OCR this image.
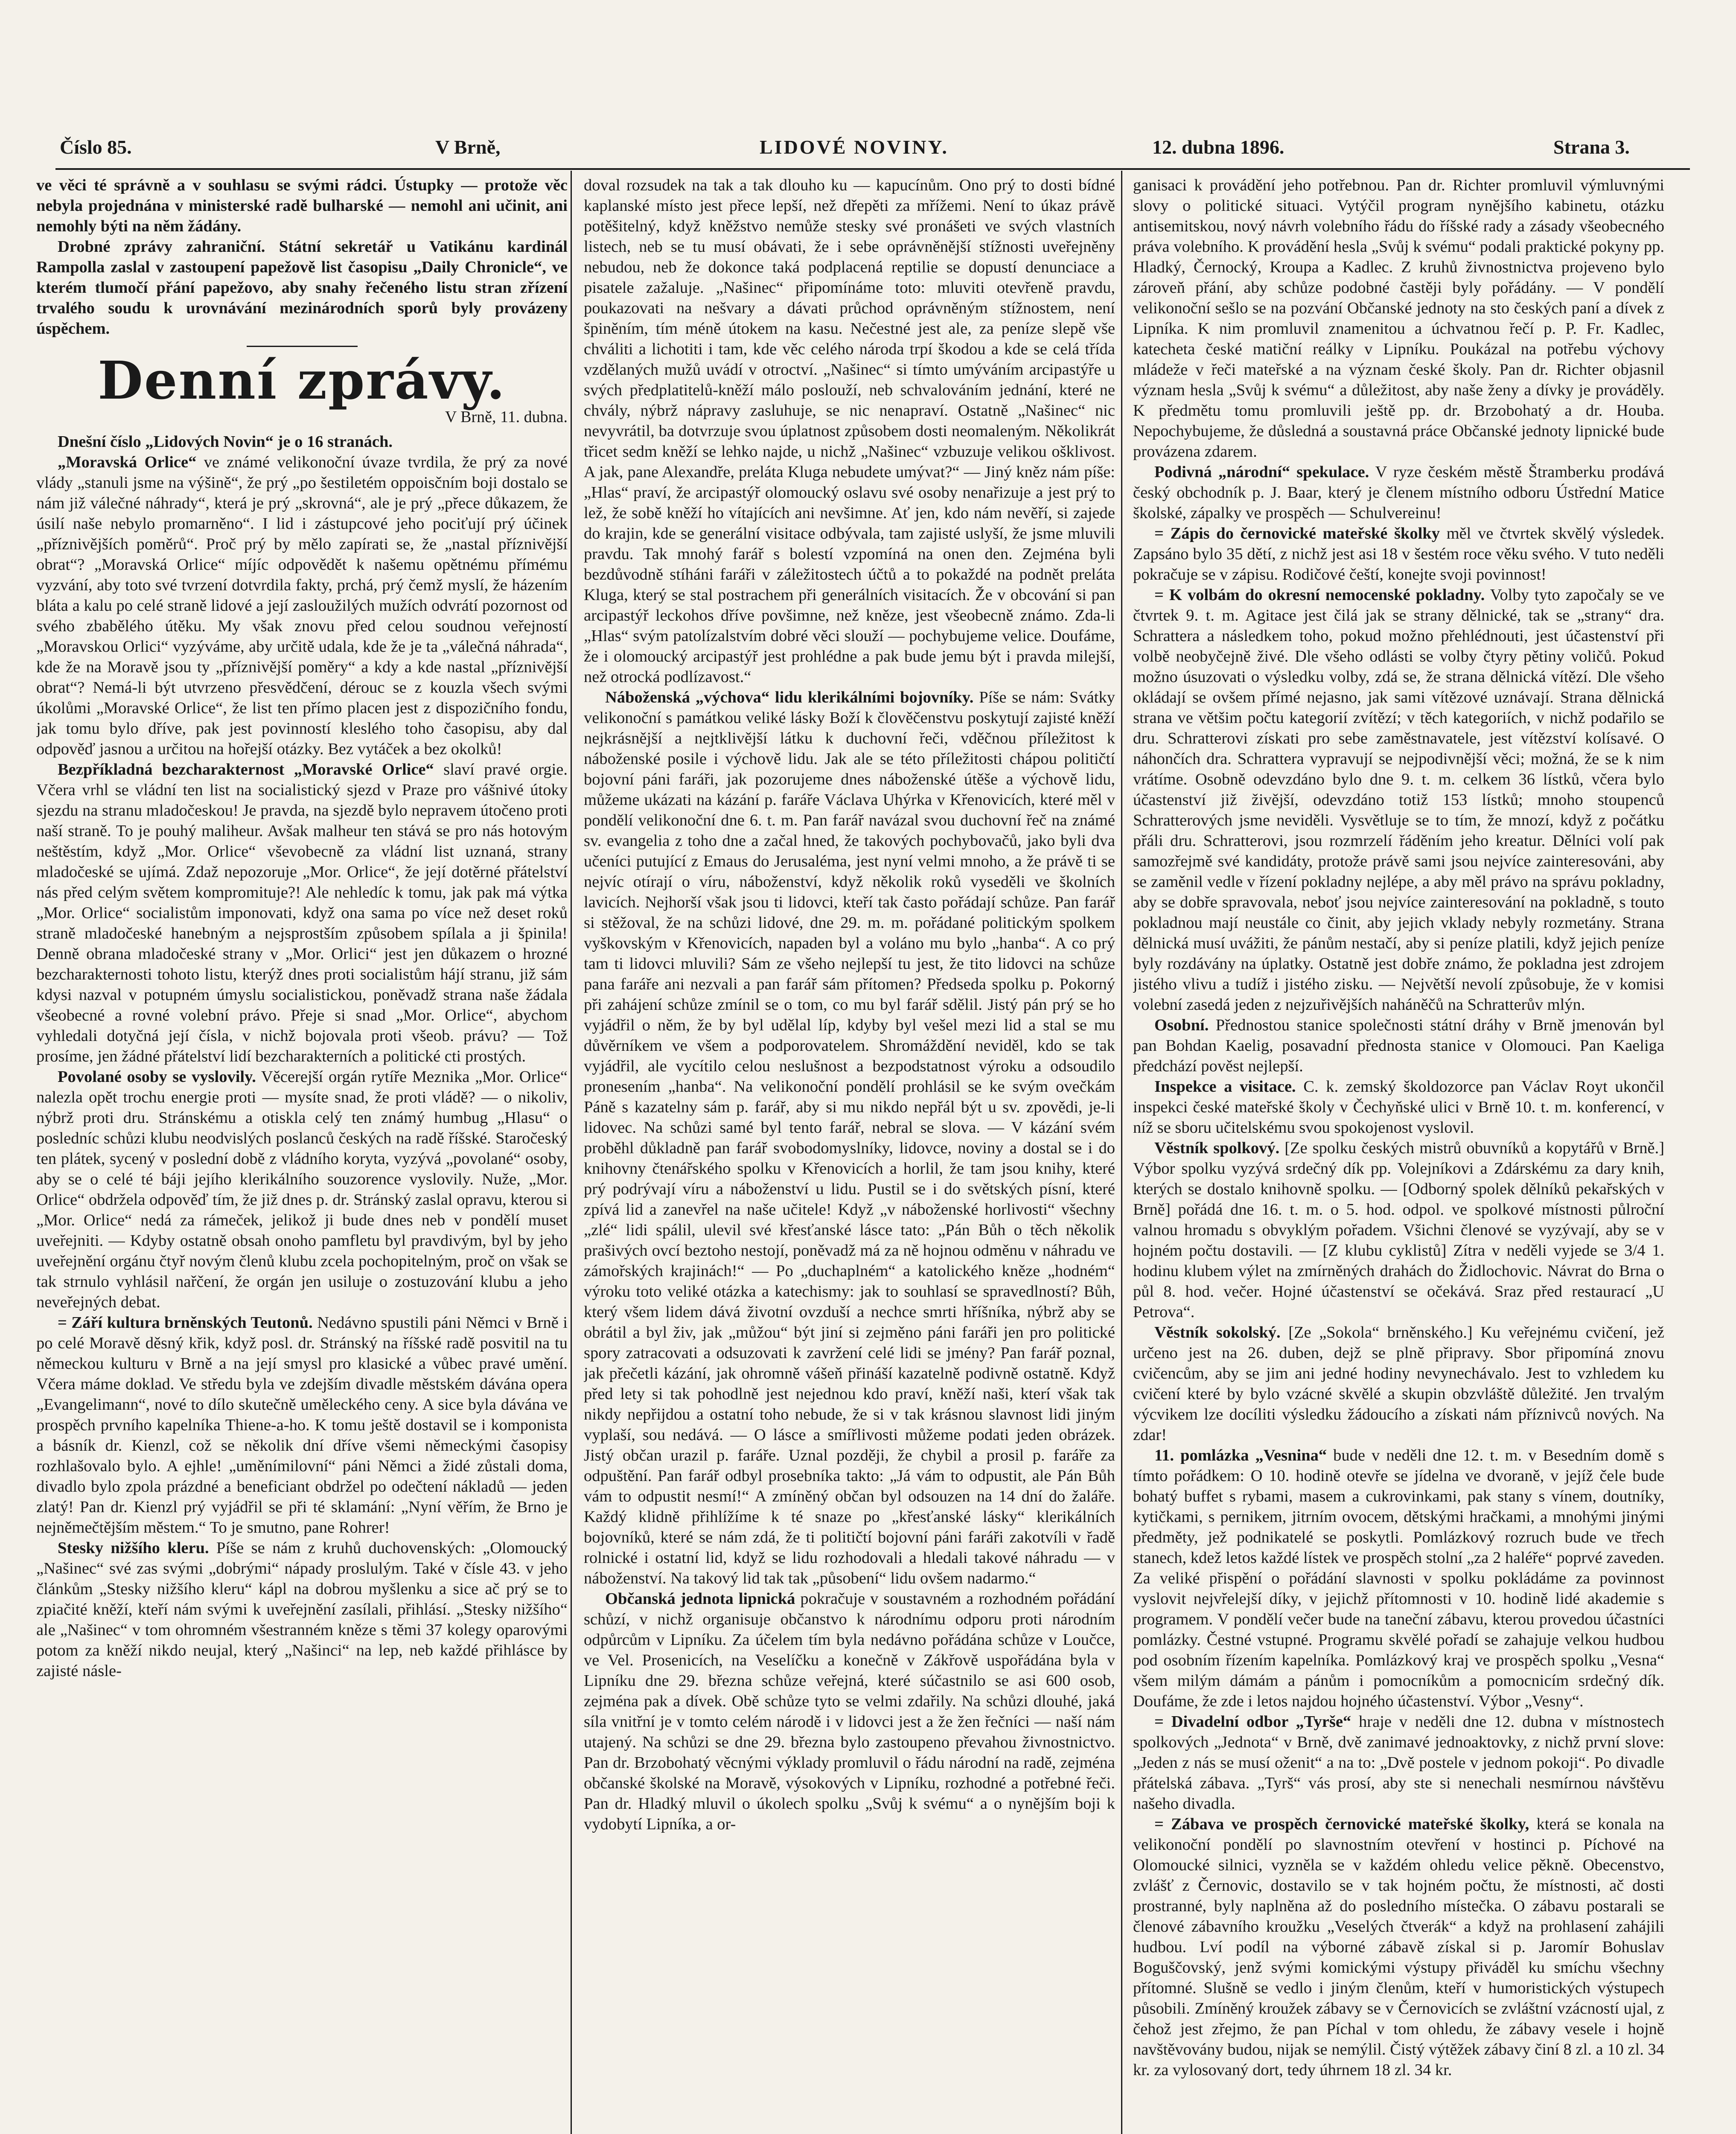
Číslo 85.	V Brně,	LIDOVÉ NOVINY.	12. dubna 1896.	Strana 3.

ve věci té správně a v souhlasu se svými rádci. Ústupky — protože věc nebyla projednána v ministerské radě bulharské — nemohl ani učinit, ani nemohly býti na něm žádány.

Drobné zprávy zahraniční. Státní sekretář u Vatikánu kardinál Rampolla zaslal v zastoupení papežově list časopisu „Daily Chronicle“, ve kterém tlumočí přání papežovo, aby snahy řečeného listu stran zřízení trvalého soudu k urovnávání mezinárodních sporů byly provázeny úspěchem.

Denní zprávy.
V Brně, 11. dubna.

Dnešní číslo „Lidových Novin“ je o 16 stranách.

„Moravská Orlice“ ve známé velikonoční úvaze tvrdila, že prý za nové vlády „stanuli jsme na výšině“, že prý „po šestiletém oppoisčním boji dostalo se nám již válečné náhrady“, která je prý „skrovná“, ale je prý „přece důkazem, že úsilí naše nebylo promarněno“. I lid i zástupcové jeho pociťují prý účinek „příznivějších poměrů“. Proč prý by mělo zapírati se, že „nastal příznivější obrat“? „Moravská Orlice“ míjíc odpovědět k našemu opětnému přímému vyzvání, aby toto své tvrzení dotvrdila fakty, prchá, prý čemž myslí, že házením bláta a kalu po celé straně lidové a její zasloužilých mužích odvrátí pozornost od svého zbabělého útěku. My však znovu před celou soudnou veřejností „Moravskou Orlici“ vyzýváme, aby určitě udala, kde že je ta „válečná náhrada“, kde že na Moravě jsou ty „příznivější poměry“ a kdy a kde nastal „příznivější obrat“? Nemá-li být utvrzeno přesvědčení, dérouc se z kouzla všech svými úkolůmi „Moravské Orlice“, že list ten přímo placen jest z dispozičního fondu, jak tomu bylo dříve, pak jest povinností kleslého toho časopisu, aby dal odpověď jasnou a určitou na hořejší otázky. Bez vytáček a bez okolků!

Bezpříkladná bezcharakternost „Moravské Orlice“ slaví pravé orgie. Včera vrhl se vládní ten list na socialistický sjezd v Praze pro vášnivé útoky sjezdu na stranu mladočeskou! Je pravda, na sjezdě bylo nepravem útočeno proti naší straně. To je pouhý maliheur. Avšak malheur ten stává se pro nás hotovým neštěstím, když „Mor. Orlice“ vševobecně za vládní list uznaná, strany mladočeské se ujímá. Zdaž nepozoruje „Mor. Orlice“, že její dotěrné přátelství nás před celým světem kompromituje?! Ale nehledíc k tomu, jak pak má výtka „Mor. Orlice“ socialistům imponovati, když ona sama po více než deset roků straně mladočeské hanebným a nejsprostším způsobem spílala a ji špinila! Denně obrana mladočeské strany v „Mor. Orlici“ jest jen důkazem o hrozné bezcharakternosti tohoto listu, kterýž dnes proti socialistům hájí stranu, již sám kdysi nazval v potupném úmyslu socialistickou, poněvadž strana naše žádala všeobecné a rovné volební právo. Přeje si snad „Mor. Orlice“, abychom vyhledali dotyčná její čísla, v nichž bojovala proti všeob. právu? — Tož prosíme, jen žádné přátelství lidí bezcharakterních a politické cti prostých.

Povolané osoby se vyslovily. Věcerejší orgán rytíře Meznika „Mor. Orlice“ nalezla opět trochu energie proti — mysíte snad, že proti vládě? — o nikoliv, nýbrž proti dru. Stránskému a otiskla celý ten známý humbug „Hlasu“ o posledníc schůzi klubu neodvislých poslanců českých na radě říšské. Staročeský ten plátek, sycený v poslední době z vládního koryta, vyzývá „povolané“ osoby, aby se o celé té báji jejího klerikálního souzorence vyslovily. Nuže, „Mor. Orlice“ obdržela odpověď tím, že již dnes p. dr. Stránský zaslal opravu, kterou si „Mor. Orlice“ nedá za rámeček, jelikož ji bude dnes neb v pondělí muset uveřejniti. — Kdyby ostatně obsah onoho pamfletu byl pravdivým, byl by jeho uveřejnění orgánu čtyř novým členů klubu zcela pochopitelným, proč on však se tak strnulo vyhlásil nařčení, že orgán jen usiluje o zostuzování klubu a jeho neveřejných debat.

= Září kultura brněnských Teutonů. Nedávno spustili páni Němci v Brně i po celé Moravě děsný křik, když posl. dr. Stránský na říšské radě posvitil na tu německou kulturu v Brně a na její smysl pro klasické a vůbec pravé umění. Včera máme doklad. Ve středu byla ve zdejším divadle městském dávána opera „Evangelimann“, nové to dílo skutečně uměleckého ceny. A sice byla dávána ve prospěch prvního kapelníka Thiene-a-ho. K tomu ještě dostavil se i komponista a básník dr. Kienzl, což se několik dní dříve všemi německými časopisy rozhlašovalo bylo. A ejhle! „uměnímilovní“ páni Němci a židé zůstali doma, divadlo bylo zpola prázdné a beneficiant obdržel po odečtení nákladů — jeden zlatý! Pan dr. Kienzl prý vyjádřil se při té sklamání: „Nyní věřím, že Brno je nejněmečtějším městem.“ To je smutno, pane Rohrer!

Stesky nižšího kleru. Píše se nám z kruhů duchovenských: „Olomoucký „Našinec“ své zas svými „dobrými“ nápady proslulým. Také v čísle 43. v jeho článkům „Stesky nižšího kleru“ kápl na dobrou myšlenku a sice ač prý se to zpiačité kněží, kteří nám svými k uveřejnění zasílali, přihlásí. „Stesky nižšího“ ale „Našinec“ v tom ohromném všestranném kněze s těmi 37 kolegy oparovými potom za kněží nikdo neujal, který „Našinci“ na lep, neb každé přihlásce by zajisté násle-

doval rozsudek na tak a tak dlouho ku — kapucínům. Ono prý to dosti bídné kaplanské místo jest přece lepší, než dřepěti za mřížemi. Není to úkaz právě potěšitelný, když kněžstvo nemůže stesky své pronášeti ve svých vlastních listech, neb se tu musí obávati, že i sebe oprávněnější stížnosti uveřejněny nebudou, neb že dokonce taká podplacená reptilie se dopustí denunciace a pisatele zažaluje. „Našinec“ připomínáme toto: mluviti otevřeně pravdu, poukazovati na nešvary a dávati průchod oprávněným stížnostem, není špiněním, tím méně útokem na kasu. Nečestné jest ale, za peníze slepě vše chváliti a lichotiti i tam, kde věc celého národa trpí škodou a kde se celá třída vzdělaných mužů uvádí v otroctví. „Našinec“ si tímto umýváním arcipastýře u svých předplatitelů-kněží málo poslouží, neb schvalováním jednání, které ne chvály, nýbrž nápravy zasluhuje, se nic nenapraví. Ostatně „Našinec“ nic nevyvrátil, ba dotvrzuje svou úplatnost způsobem dosti neomaleným. Několikrát třicet sedm kněží se lehko najde, u nichž „Našinec“ vzbuzuje velikou ošklivost. A jak, pane Alexandře, preláta Kluga nebudete umývat?“ — Jiný kněz nám píše: „Hlas“ praví, že arcipastýř olomoucký oslavu své osoby nenařizuje a jest prý to lež, že sobě kněží ho vítajících ani nevšimne. Ať jen, kdo nám nevěří, si zajede do krajin, kde se generální visitace odbývala, tam zajisté uslyší, že jsme mluvili pravdu. Tak mnohý farář s bolestí vzpomíná na onen den. Zejména byli bezdůvodně stíháni faráři v záležitostech účtů a to pokaždé na podnět preláta Kluga, který se stal postrachem při generálních visitacích. Že v obcování si pan arcipastýř leckohos dříve povšimne, než kněze, jest všeobecně známo. Zda-li „Hlas“ svým patolízalstvím dobré věci slouží — pochybujeme velice. Doufáme, že i olomoucký arcipastýř jest prohlédne a pak bude jemu být i pravda milejší, než otrocká podlízavost.“

Náboženská „výchova“ lidu klerikálními bojovníky. Píše se nám: Svátky velikonoční s památkou veliké lásky Boží k člověčenstvu poskytují zajisté kněží nejkrásnější a nejtklivější látku k duchovní řeči, vděčnou příležitost k náboženské posile i výchově lidu. Jak ale se této příležitosti chápou političtí bojovní páni faráři, jak pozorujeme dnes náboženské útěše a výchově lidu, můžeme ukázati na kázání p. faráře Václava Uhýrka v Křenovicích, které měl v pondělí velikonoční dne 6. t. m. Pan farář navázal svou duchovní řeč na známé sv. evangelia z toho dne a začal hned, že takových pochybovačů, jako byli dva učeníci putující z Emaus do Jerusaléma, jest nyní velmi mnoho, a že právě ti se nejvíc otírají o víru, náboženství, když několik roků vyseděli ve školních lavicích. Nejhorší však jsou ti lidovci, kteří tak často pořádají schůze. Pan farář si stěžoval, že na schůzi lidové, dne 29. m. m. pořádané politickým spolkem vyškovským v Křenovicích, napaden byl a voláno mu bylo „hanba“. A co prý tam ti lidovci mluvili? Sám ze všeho nejlepší tu jest, že tito lidovci na schůze pana faráře ani nezvali a pan farář sám přítomen? Předseda spolku p. Pokorný při zahájení schůze zmínil se o tom, co mu byl farář sdělil. Jistý pán prý se ho vyjádřil o něm, že by byl udělal líp, kdyby byl vešel mezi lid a stal se mu důvěrníkem ve všem a podporovatelem. Shromáždění neviděl, kdo se tak vyjádřil, ale vycítilo celou neslušnost a bezpodstatnost výroku a odsoudilo pronesením „hanba“. Na velikonoční pondělí prohlásil se ke svým ovečkám Páně s kazatelny sám p. farář, aby si mu nikdo nepřál být u sv. zpovědi, je-li lidovec. Na schůzi samé byl tento farář, nebral se slova. — V kázání svém proběhl důkladně pan farář svobodomyslníky, lidovce, noviny a dostal se i do knihovny čtenářského spolku v Křenovicích a horlil, že tam jsou knihy, které prý podrývají víru a náboženství u lidu. Pustil se i do světských písní, které zpívá lid a zanevřel na naše učitele! Když „v náboženské horlivosti“ všechny „zlé“ lidi spálil, ulevil své křesťanské lásce tato: „Pán Bůh o těch několik prašivých ovcí beztoho nestojí, poněvadž má za ně hojnou odměnu v náhradu ve zámořských krajinách!“ — Po „duchaplném“ a katolického kněze „hodném“ výroku toto veliké otázka a katechismy: jak to souhlasí se spravedlností? Bůh, který všem lidem dává životní ovzduší a nechce smrti hříšníka, nýbrž aby se obrátil a byl živ, jak „můžou“ být jiní si zejměno páni faráři jen pro politické spory zatracovati a odsuzovati k zavržení celé lidi se jmény? Pan farář poznal, jak přečetli kázání, jak ohromně vášeň přináší kazatelně podivně ostatně. Když před lety si tak pohodlně jest nejednou kdo praví, kněží naši, kterí však tak nikdy nepřijdou a ostatní toho nebude, že si v tak krásnou slavnost lidi jiným vyplaší, sou nedává. — O lásce a smířlivosti můžeme podati jeden obrázek. Jistý občan urazil p. faráře. Uznal později, že chybil a prosil p. faráře za odpuštění. Pan farář odbyl prosebníka takto: „Já vám to odpustit, ale Pán Bůh vám to odpustit nesmí!“ A zmíněný občan byl odsouzen na 14 dní do žaláře. Každý klidně přihlížíme k té snaze po „křesťanské lásky“ klerikálních bojovníků, které se nám zdá, že ti političtí bojovní páni faráři zakotvíli v řadě rolnické i ostatní lid, když se lidu rozhodovali a hledali takové náhradu — v náboženství. Na takový lid tak tak „působení“ lidu ovšem nadarmo.“

Občanská jednota lipnická pokračuje v soustavném a rozhodném pořádání schůzí, v nichž organisuje občanstvo k národnímu odporu proti národním odpůrcům v Lipníku. Za účelem tím byla nedávno pořádána schůze v Loučce, ve Vel. Prosenicích, na Veselíčku a konečně v Zákřově uspořádána byla v Lipníku dne 29. března schůze veřejná, které súčastnilo se asi 600 osob, zejména pak a dívek. Obě schůze tyto se velmi zdařily. Na schůzi dlouhé, jaká síla vnitřní je v tomto celém národě i v lidovci jest a že žen řečníci — naší nám utajený. Na schůzi se dne 29. března bylo zastoupeno převahou živnostnictvo. Pan dr. Brzobohatý věcnými výklady promluvil o řádu národní na radě, zejména občanské školské na Moravě, výsokových v Lipníku, rozhodné a potřebné řeči. Pan dr. Hladký mluvil o úkolech spolku „Svůj k svému“ a o nynějším boji k vydobytí Lipníka, a or-

ganisaci k provádění jeho potřebnou. Pan dr. Richter promluvil výmluvnými slovy o politické situaci. Vytýčil program nynějšího kabinetu, otázku antisemitskou, nový návrh volebního řádu do říšské rady a zásady všeobecného práva volebního. K provádění hesla „Svůj k svému“ podali praktické pokyny pp. Hladký, Černocký, Kroupa a Kadlec. Z kruhů živnostnictva projeveno bylo zároveň přání, aby schůze podobné častěji byly pořádány. — V pondělí velikonoční sešlo se na pozvání Občanské jednoty na sto českých paní a dívek z Lipníka. K nim promluvil znamenitou a úchvatnou řečí p. P. Fr. Kadlec, katecheta české matiční reálky v Lipníku. Poukázal na potřebu výchovy mládeže v řeči mateřské a na význam české školy. Pan dr. Richter objasnil význam hesla „Svůj k svému“ a důležitost, aby naše ženy a dívky je prováděly. K předmětu tomu promluvili ještě pp. dr. Brzobohatý a dr. Houba. Nepochybujeme, že důsledná a soustavná práce Občanské jednoty lipnické bude provázena zdarem.

Podivná „národní“ spekulace. V ryze českém městě Štramberku prodává český obchodník p. J. Baar, který je členem místního odboru Ústřední Matice školské, zápalky ve prospěch — Schulvereinu!

= Zápis do černovické mateřské školky měl ve čtvrtek skvělý výsledek. Zapsáno bylo 35 dětí, z nichž jest asi 18 v šestém roce věku svého. V tuto neděli pokračuje se v zápisu. Rodičové čeští, konejte svoji povinnost!

= K volbám do okresní nemocenské pokladny. Volby tyto započaly se ve čtvrtek 9. t. m. Agitace jest čilá jak se strany dělnické, tak se „strany“ dra. Schrattera a následkem toho, pokud možno přehlédnouti, jest účastenství při volbě neobyčejně živé. Dle všeho odlásti se volby čtyry pětiny voličů. Pokud možno úsuzovati o výsledku volby, zdá se, že strana dělnická vítězí. Dle všeho okládají se ovšem přímé nejasno, jak sami vítězové uznávají. Strana dělnická strana ve většim počtu kategorií zvítězí; v těch kategoriích, v nichž podařilo se dru. Schratterovi získati pro sebe zaměstnavatele, jest vítězství kolísavé. O náhončích dra. Schrattera vypravují se nejpodivnější věci; možná, že se k nim vrátíme. Osobně odevzdáno bylo dne 9. t. m. celkem 36 lístků, včera bylo účastenství již živější, odevzdáno totiž 153 lístků; mnoho stoupenců Schratterových jsme neviděli. Vysvětluje se to tím, že mnozí, když z počátku přáli dru. Schratterovi, jsou rozmrzelí řáděním jeho kreatur. Dělníci volí pak samozřejmě své kandidáty, protože právě sami jsou nejvíce zainteresováni, aby se zaměnil vedle v řízení pokladny nejlépe, a aby měl právo na správu pokladny, aby se dobře spravovala, neboť jsou nejvíce zainteresování na pokladně, s touto pokladnou mají neustále co činit, aby jejich vklady nebyly rozmetány. Strana dělnická musí uvážiti, že pánům nestačí, aby si peníze platili, když jejich peníze byly rozdávány na úplatky. Ostatně jest dobře známo, že pokladna jest zdrojem jistého vlivu a tudíž i jistého zisku. — Největší nevolí způsobuje, že v komisi volební zasedá jeden z nejzuřivějších naháněčů na Schratterův mlýn.

Osobní. Přednostou stanice společnosti státní dráhy v Brně jmenován byl pan Bohdan Kaelig, posavadní přednosta stanice v Olomouci. Pan Kaeliga předchází pověst nejlepší.

Inspekce a visitace. C. k. zemský školdozorce pan Václav Royt ukončil inspekci české mateřské školy v Čechyňské ulici v Brně 10. t. m. konferencí, v níž se sboru učitelskému svou spokojenost vyslovil.

Věstník spolkový. [Ze spolku českých mistrů obuvníků a kopytářů v Brně.] Výbor spolku vyzývá srdečný dík pp. Volejníkovi a Zdárskému za dary knih, kterých se dostalo knihovně spolku. — [Odborný spolek dělníků pekařských v Brně] pořádá dne 16. t. m. o 5. hod. odpol. ve spolkové místnosti půlroční valnou hromadu s obvyklým pořadem. Všichni členové se vyzývají, aby se v hojném počtu dostavili. — [Z klubu cyklistů] Zítra v neděli vyjede se 3/4 1. hodinu klubem výlet na zmírněných drahách do Židlochovic. Návrat do Brna o půl 8. hod. večer. Hojné účastenství se očekává. Sraz před restaurací „U Petrova“.

Věstník sokolský. [Ze „Sokola“ brněnského.] Ku veřejnému cvičení, jež určeno jest na 26. duben, dejž se plně připravy. Sbor připomíná znovu cvičencům, aby se jim ani jedné hodiny nevynechávalo. Jest to vzhledem ku cvičení které by bylo vzácné skvělé a skupin obzvláště důležité. Jen trvalým výcvikem lze docíliti výsledku žádoucího a získati nám příznivců nových. Na zdar!

11. pomlázka „Vesnina“ bude v neděli dne 12. t. m. v Besedním domě s tímto pořádkem: O 10. hodině otevře se jídelna ve dvoraně, v jejíž čele bude bohatý buffet s rybami, masem a cukrovinkami, pak stany s vínem, doutníky, kytičkami, s pernikem, jitrním ovocem, dětskými hračkami, a mnohými jinými předměty, jež podnikatelé se poskytli. Pomlázkový rozruch bude ve třech stanech, kdež letos každé lístek ve prospěch stolní „za 2 haléře“ poprvé zaveden. Za veliké přispění o pořádání slavnosti v spolku pokládáme za povinnost vyslovit nejvřelejší díky, v jejichž přítomnosti v 10. hodině lidé akademie s programem. V pondělí večer bude na taneční zábavu, kterou provedou účastníci pomlázky. Čestné vstupné. Programu skvělé pořadí se zahajuje velkou hudbou pod osobním řízením kapelníka. Pomlázkový kraj ve prospěch spolku „Vesna“ všem milým dámám a pánům i pomocníkům a pomocnicím srdečný dík. Doufáme, že zde i letos najdou hojného účastenství. Výbor „Vesny“.

= Divadelní odbor „Tyrše“ hraje v neděli dne 12. dubna v místnostech spolkových „Jednota“ v Brně, dvě zanimavé jednoaktovky, z nichž první slove: „Jeden z nás se musí oženit“ a na to: „Dvě postele v jednom pokoji“. Po divadle přátelská zábava. „Tyrš“ vás prosí, aby ste si nenechali nesmírnou návštěvu našeho divadla.

= Zábava ve prospěch černovické mateřské školky, která se konala na velikonoční pondělí po slavnostním otevření v hostinci p. Píchové na Olomoucké silnici, vyzněla se v každém ohledu velice pěkně. Obecenstvo, zvlášť z Černovic, dostavilo se v tak hojném počtu, že místnosti, ač dosti prostranné, byly naplněna až do posledního místečka. O zábavu postarali se členové zábavního kroužku „Veselých čtverák“ a když na prohlasení zahájili hudbou. Lví podíl na výborné zábavě získal si p. Jaromír Bohuslav Boguščovský, jenž svými komickými výstupy přiváděl ku smíchu všechny přítomné. Slušně se vedlo i jiným členům, kteří v humoristických výstupech působili. Zmíněný kroužek zábavy se v Černovicích se zvláštní vzácností ujal, z čehož jest zřejmo, že pan Píchal v tom ohledu, že zábavy vesele i hojně navštěvovány budou, nijak se nemýlil. Čistý výtěžek zábavy činí 8 zl. a 10 zl. 34 kr. za vylosovaný dort, tedy úhrnem 18 zl. 34 kr.
